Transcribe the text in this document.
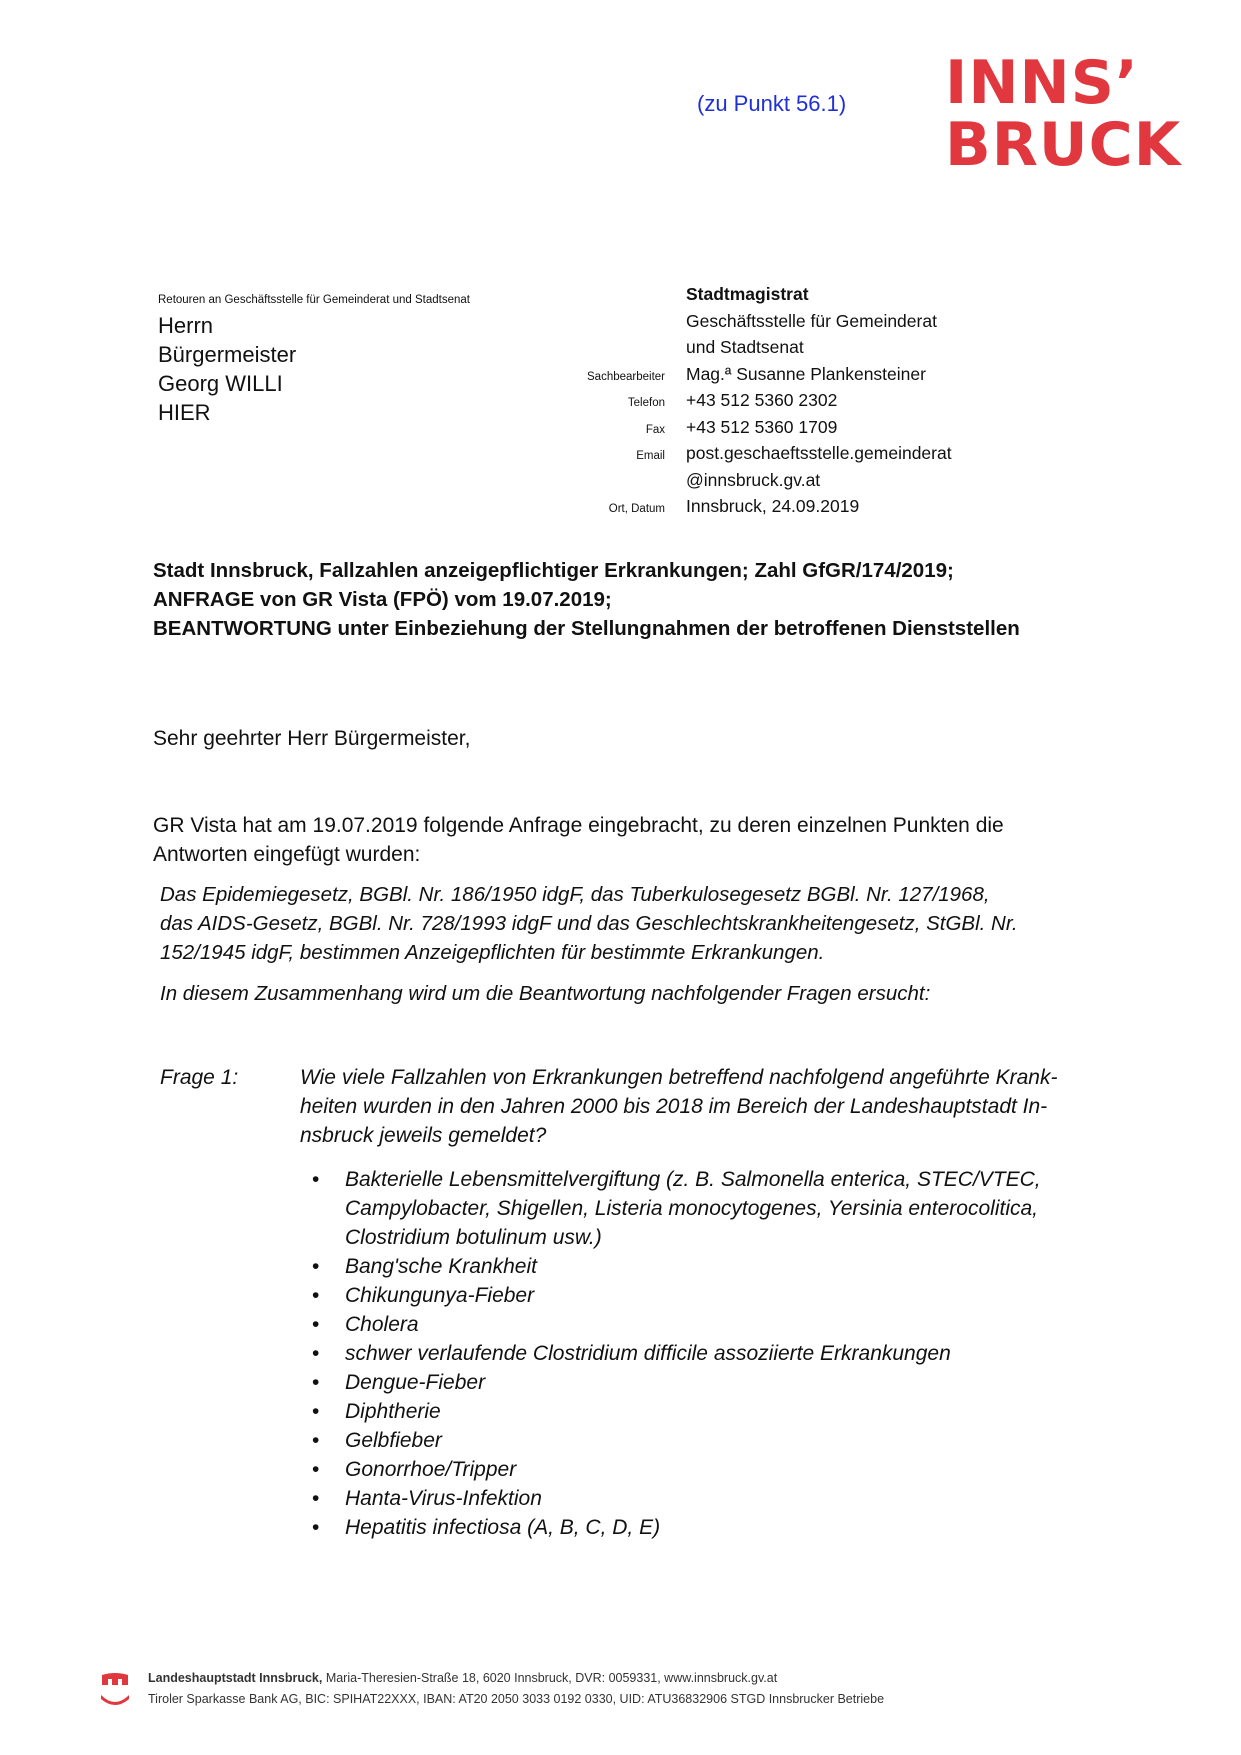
(zu Punkt 56.1) INNS’
BRUCK
Retouren an Geschäftsstelle für Gemeinderat und Stadtsenat
Herrn
Bürgermeister
Georg WILLI
HIER
Stadtmagistrat
Geschäftsstelle für Gemeinderat
und Stadtsenat
Sachbearbeiter	Mag.ª Susanne Plankensteiner
Telefon	+43 512 5360 2302
Fax	+43 512 5360 1709
Email	post.geschaeftsstelle.gemeinderat
@innsbruck.gv.at
Ort, Datum	Innsbruck, 24.09.2019
Stadt Innsbruck, Fallzahlen anzeigepflichtiger Erkrankungen; Zahl GfGR/174/2019;
ANFRAGE von GR Vista (FPÖ) vom 19.07.2019;
BEANTWORTUNG unter Einbeziehung der Stellungnahmen der betroffenen Dienststellen
Sehr geehrter Herr Bürgermeister,
GR Vista hat am 19.07.2019 folgende Anfrage eingebracht, zu deren einzelnen Punkten die
Antworten eingefügt wurden:

Das Epidemiegesetz, BGBl. Nr. 186/1950 idgF, das Tuberkulosegesetz BGBl. Nr. 127/1968,
das AIDS-Gesetz, BGBl. Nr. 728/1993 idgF und das Geschlechtskrankheitengesetz, StGBl. Nr.
152/1945 idgF, bestimmen Anzeigepflichten für bestimmte Erkrankungen.

In diesem Zusammenhang wird um die Beantwortung nachfolgender Fragen ersucht:

Frage 1:	Wie viele Fallzahlen von Erkrankungen betreffend nachfolgend angeführte Krank-
heiten wurden in den Jahren 2000 bis 2018 im Bereich der Landeshauptstadt In-
nsbruck jeweils gemeldet?
• Bakterielle Lebensmittelvergiftung (z. B. Salmonella enterica, STEC/VTEC,
Campylobacter, Shigellen, Listeria monocytogenes, Yersinia enterocolitica,
Clostridium botulinum usw.)
• Bang'sche Krankheit
• Chikungunya-Fieber
• Cholera
• schwer verlaufende Clostridium difficile assoziierte Erkrankungen
• Dengue-Fieber
• Diphtherie
• Gelbfieber
• Gonorrhoe/Tripper
• Hanta-Virus-Infektion
• Hepatitis infectiosa (A, B, C, D, E)
Landeshauptstadt Innsbruck, Maria-Theresien-Straße 18, 6020 Innsbruck, DVR: 0059331, www.innsbruck.gv.at
Tiroler Sparkasse Bank AG, BIC: SPIHAT22XXX, IBAN: AT20 2050 3033 0192 0330, UID: ATU36832906 STGD Innsbrucker Betriebe
